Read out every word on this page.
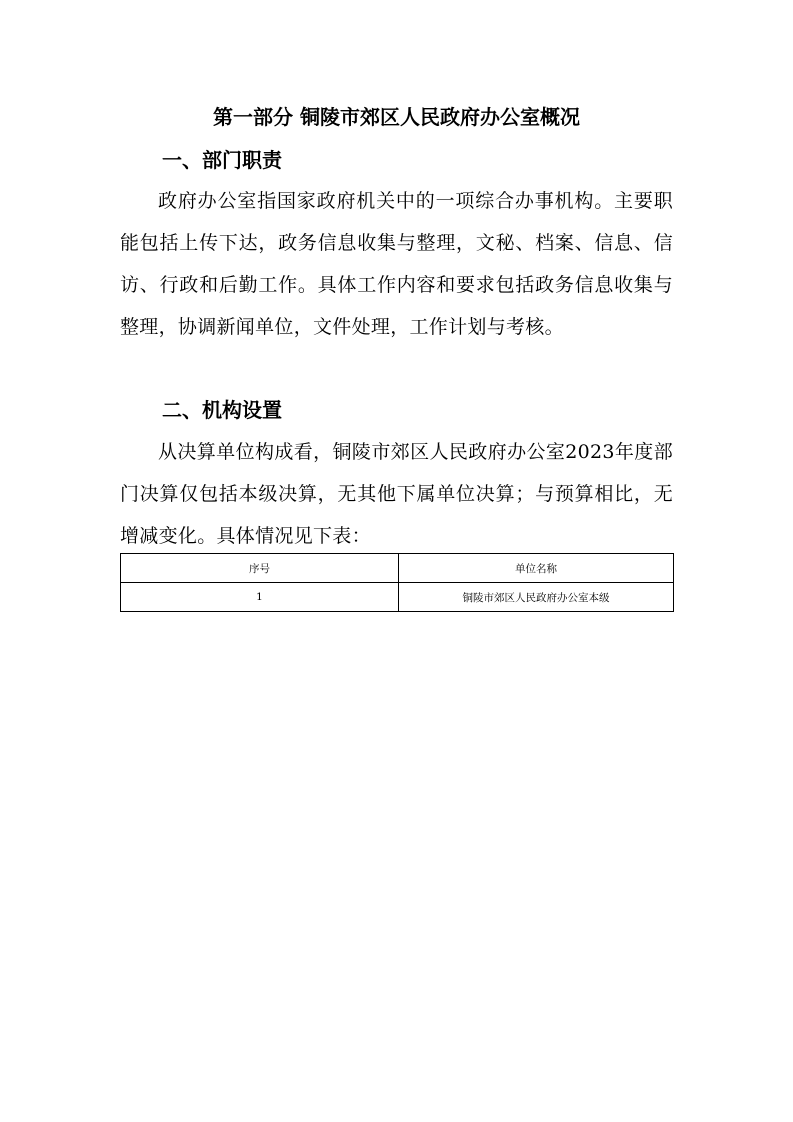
第一部分 铜陵市郊区人民政府办公室概况
一、部门职责
政府办公室指国家政府机关中的一项综合办事机构。主要职能包括上传下达，政务信息收集与整理，文秘、档案、信息、信访、行政和后勤工作。具体工作内容和要求包括政务信息收集与整理，协调新闻单位，文件处理，工作计划与考核。
二、机构设置
从决算单位构成看，铜陵市郊区人民政府办公室2023年度部门决算仅包括本级决算，无其他下属单位决算；与预算相比，无增减变化。具体情况见下表：
序号	单位名称
1	铜陵市郊区人民政府办公室本级
